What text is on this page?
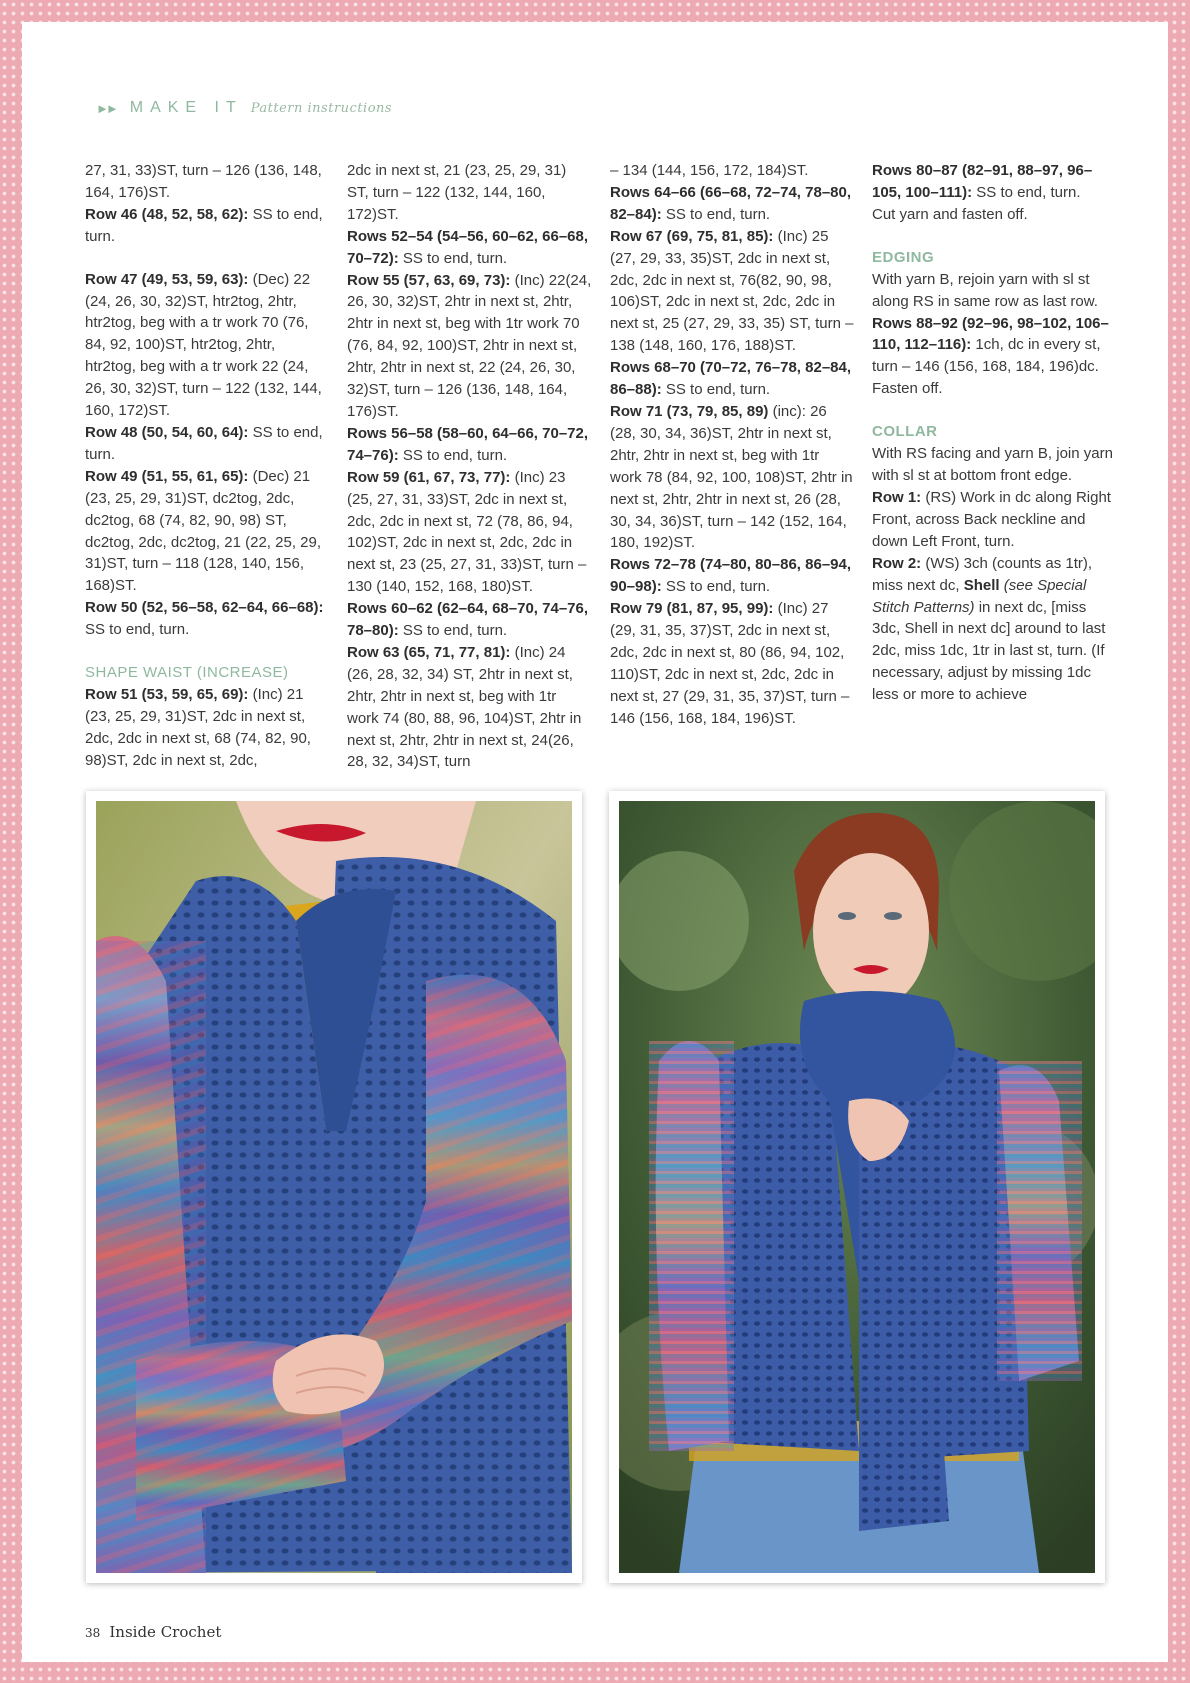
►► MAKE IT Pattern instructions

27, 31, 33)ST, turn – 126 (136, 148, 164, 176)ST.

Row 46 (48, 52, 58, 62): SS to end, turn.

Row 47 (49, 53, 59, 63): (Dec) 22 (24, 26, 30, 32)ST, htr2tog, 2htr, htr2tog, beg with a tr work 70 (76, 84, 92, 100)ST, htr2tog, 2htr, htr2tog, beg with a tr work 22 (24, 26, 30, 32)ST, turn – 122 (132, 144, 160, 172)ST.

Row 48 (50, 54, 60, 64): SS to end, turn.

Row 49 (51, 55, 61, 65): (Dec) 21 (23, 25, 29, 31)ST, dc2tog, 2dc, dc2tog, 68 (74, 82, 90, 98) ST, dc2tog, 2dc, dc2tog, 21 (22, 25, 29, 31)ST, turn – 118 (128, 140, 156, 168)ST.

Row 50 (52, 56–58, 62–64, 66–68): SS to end, turn.

SHAPE WAIST (INCREASE)

Row 51 (53, 59, 65, 69): (Inc) 21 (23, 25, 29, 31)ST, 2dc in next st, 2dc, 2dc in next st, 68 (74, 82, 90, 98)ST, 2dc in next st, 2dc,

2dc in next st, 21 (23, 25, 29, 31) ST, turn – 122 (132, 144, 160, 172)ST.

Rows 52–54 (54–56, 60–62, 66–68, 70–72): SS to end, turn.

Row 55 (57, 63, 69, 73): (Inc) 22(24, 26, 30, 32)ST, 2htr in next st, 2htr, 2htr in next st, beg with 1tr work 70 (76, 84, 92, 100)ST, 2htr in next st, 2htr, 2htr in next st, 22 (24, 26, 30, 32)ST, turn – 126 (136, 148, 164, 176)ST.

Rows 56–58 (58–60, 64–66, 70–72, 74–76): SS to end, turn.

Row 59 (61, 67, 73, 77): (Inc) 23 (25, 27, 31, 33)ST, 2dc in next st, 2dc, 2dc in next st, 72 (78, 86, 94, 102)ST, 2dc in next st, 2dc, 2dc in next st, 23 (25, 27, 31, 33)ST, turn – 130 (140, 152, 168, 180)ST.

Rows 60–62 (62–64, 68–70, 74–76, 78–80): SS to end, turn.

Row 63 (65, 71, 77, 81): (Inc) 24 (26, 28, 32, 34) ST, 2htr in next st, 2htr, 2htr in next st, beg with 1tr work 74 (80, 88, 96, 104)ST, 2htr in next st, 2htr, 2htr in next st, 24(26, 28, 32, 34)ST, turn

– 134 (144, 156, 172, 184)ST.

Rows 64–66 (66–68, 72–74, 78–80, 82–84): SS to end, turn.

Row 67 (69, 75, 81, 85): (Inc) 25 (27, 29, 33, 35)ST, 2dc in next st, 2dc, 2dc in next st, 76(82, 90, 98, 106)ST, 2dc in next st, 2dc, 2dc in next st, 25 (27, 29, 33, 35) ST, turn – 138 (148, 160, 176, 188)ST.

Rows 68–70 (70–72, 76–78, 82–84, 86–88): SS to end, turn.

Row 71 (73, 79, 85, 89) (inc): 26 (28, 30, 34, 36)ST, 2htr in next st, 2htr, 2htr in next st, beg with 1tr work 78 (84, 92, 100, 108)ST, 2htr in next st, 2htr, 2htr in next st, 26 (28, 30, 34, 36)ST, turn – 142 (152, 164, 180, 192)ST.

Rows 72–78 (74–80, 80–86, 86–94, 90–98): SS to end, turn.

Row 79 (81, 87, 95, 99): (Inc) 27 (29, 31, 35, 37)ST, 2dc in next st, 2dc, 2dc in next st, 80 (86, 94, 102, 110)ST, 2dc in next st, 2dc, 2dc in next st, 27 (29, 31, 35, 37)ST, turn – 146 (156, 168, 184, 196)ST.

Rows 80–87 (82–91, 88–97, 96–105, 100–111): SS to end, turn.

Cut yarn and fasten off.

EDGING

With yarn B, rejoin yarn with sl st along RS in same row as last row.

Rows 88–92 (92–96, 98–102, 106–110, 112–116): 1ch, dc in every st, turn – 146 (156, 168, 184, 196)dc.

Fasten off.

COLLAR

With RS facing and yarn B, join yarn with sl st at bottom front edge.

Row 1: (RS) Work in dc along Right Front, across Back neckline and down Left Front, turn.

Row 2: (WS) 3ch (counts as 1tr), miss next dc, Shell (see Special Stitch Patterns) in next dc, [miss 3dc, Shell in next dc] around to last 2dc, miss 1dc, 1tr in last st, turn. (If necessary, adjust by missing 1dc less or more to achieve

38 Inside Crochet
